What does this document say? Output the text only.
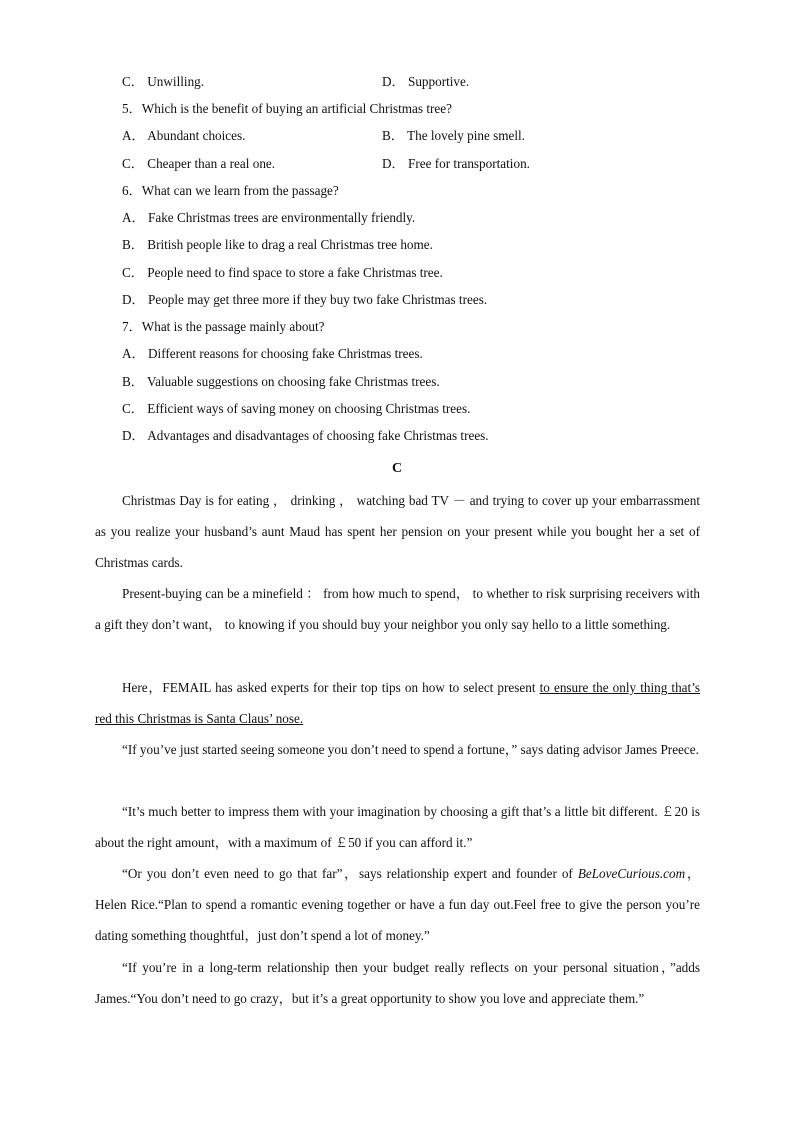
C． Unwilling.	D． Supportive.
5．Which is the benefit of buying an artificial Christmas tree?
A． Abundant choices.	B． The lovely pine smell.
C． Cheaper than a real one.	D． Free for transportation.
6．What can we learn from the passage?
A． Fake Christmas trees are environmentally friendly.
B． British people like to drag a real Christmas tree home.
C． People need to find space to store a fake Christmas tree.
D． People may get three more if they buy two fake Christmas trees.
7．What is the passage mainly about?
A． Different reasons for choosing fake Christmas trees.
B． Valuable suggestions on choosing fake Christmas trees.
C． Efficient ways of saving money on choosing Christmas trees.
D． Advantages and disadvantages of choosing fake Christmas trees.
C
Christmas Day is for eating ， drinking ， watching bad TV － and trying to cover up your embarrassment as you realize your husband’s aunt Maud has spent her pension on your present while you bought her a set of Christmas cards.
Present-buying can be a minefield ： from how much to spend， to whether to risk surprising receivers with a gift they don’t want， to knowing if you should buy your neighbor you only say hello to a little something.
Here，FEMAIL has asked experts for their top tips on how to select present to ensure the only thing that’s red this Christmas is Santa Claus’ nose.
“If you’ve just started seeing someone you don’t need to spend a fortune，” says dating advisor James Preece.
“It’s much better to impress them with your imagination by choosing a gift that’s a little bit different. ￡20 is about the right amount，with a maximum of ￡50 if you can afford it.”
“Or you don’t even need to go that far”，says relationship expert and founder of BeLoveCurious.com，Helen Rice.“Plan to spend a romantic evening together or have a fun day out.Feel free to give the person you’re dating something thoughtful，just don’t spend a lot of money.”
“If you’re in a long-term relationship then your budget really reflects on your personal situation，”adds James.“You don’t need to go crazy，but it’s a great opportunity to show you love and appreciate them.”
